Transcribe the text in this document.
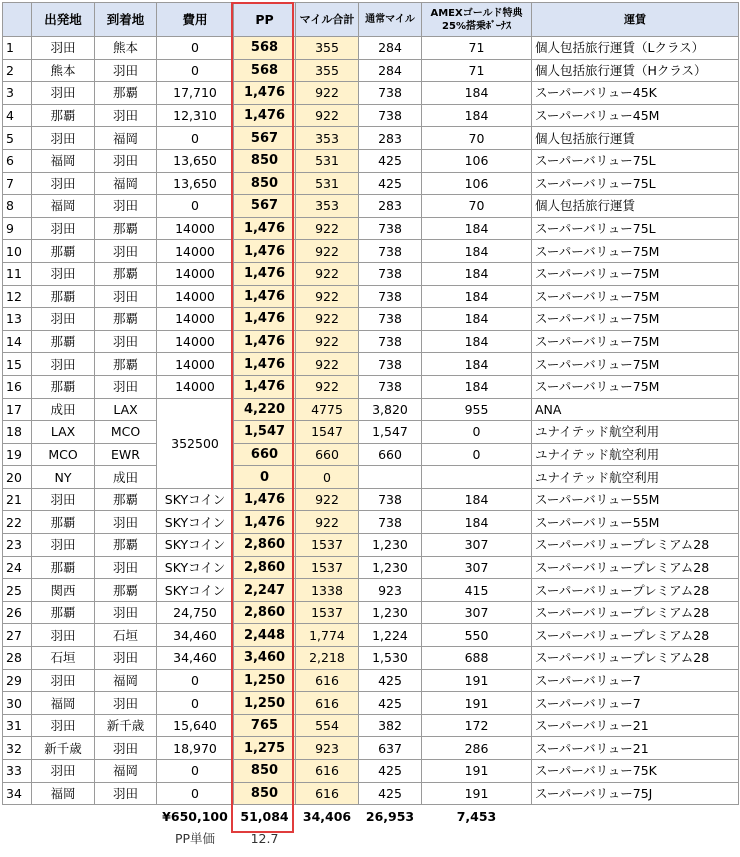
	出発地	到着地	費用	PP	マイル合計	通常マイル	AMEXゴールド特典
25%搭乗ﾎﾞｰﾅｽ	運賃
1	羽田	熊本	0	568	355	284	71	個人包括旅行運賃（Lクラス）
2	熊本	羽田	0	568	355	284	71	個人包括旅行運賃（Hクラス）
3	羽田	那覇	17,710	1,476	922	738	184	スーパーバリュー45K
4	那覇	羽田	12,310	1,476	922	738	184	スーパーバリュー45M
5	羽田	福岡	0	567	353	283	70	個人包括旅行運賃
6	福岡	羽田	13,650	850	531	425	106	スーパーバリュー75L
7	羽田	福岡	13,650	850	531	425	106	スーパーバリュー75L
8	福岡	羽田	0	567	353	283	70	個人包括旅行運賃
9	羽田	那覇	14000	1,476	922	738	184	スーパーバリュー75L
10	那覇	羽田	14000	1,476	922	738	184	スーパーバリュー75M
11	羽田	那覇	14000	1,476	922	738	184	スーパーバリュー75M
12	那覇	羽田	14000	1,476	922	738	184	スーパーバリュー75M
13	羽田	那覇	14000	1,476	922	738	184	スーパーバリュー75M
14	那覇	羽田	14000	1,476	922	738	184	スーパーバリュー75M
15	羽田	那覇	14000	1,476	922	738	184	スーパーバリュー75M
16	那覇	羽田	14000	1,476	922	738	184	スーパーバリュー75M
17	成田	LAX	352500	4,220	4775	3,820	955	ANA
18	LAX	MCO		1,547	1547	1,547	0	ユナイテッド航空利用
19	MCO	EWR		660	660	660	0	ユナイテッド航空利用
20	NY	成田		0	0			ユナイテッド航空利用
21	羽田	那覇	SKYコイン	1,476	922	738	184	スーパーバリュー55M
22	那覇	羽田	SKYコイン	1,476	922	738	184	スーパーバリュー55M
23	羽田	那覇	SKYコイン	2,860	1537	1,230	307	スーパーバリュープレミアム28
24	那覇	羽田	SKYコイン	2,860	1537	1,230	307	スーパーバリュープレミアム28
25	関西	那覇	SKYコイン	2,247	1338	923	415	スーパーバリュープレミアム28
26	那覇	羽田	24,750	2,860	1537	1,230	307	スーパーバリュープレミアム28
27	羽田	石垣	34,460	2,448	1,774	1,224	550	スーパーバリュープレミアム28
28	石垣	羽田	34,460	3,460	2,218	1,530	688	スーパーバリュープレミアム28
29	羽田	福岡	0	1,250	616	425	191	スーパーバリュー7
30	福岡	羽田	0	1,250	616	425	191	スーパーバリュー7
31	羽田	新千歳	15,640	765	554	382	172	スーパーバリュー21
32	新千歳	羽田	18,970	1,275	923	637	286	スーパーバリュー21
33	羽田	福岡	0	850	616	425	191	スーパーバリュー75K
34	福岡	羽田	0	850	616	425	191	スーパーバリュー75J
			¥650,100	51,084	34,406	26,953	7,453	
			PP単価	12.7				
